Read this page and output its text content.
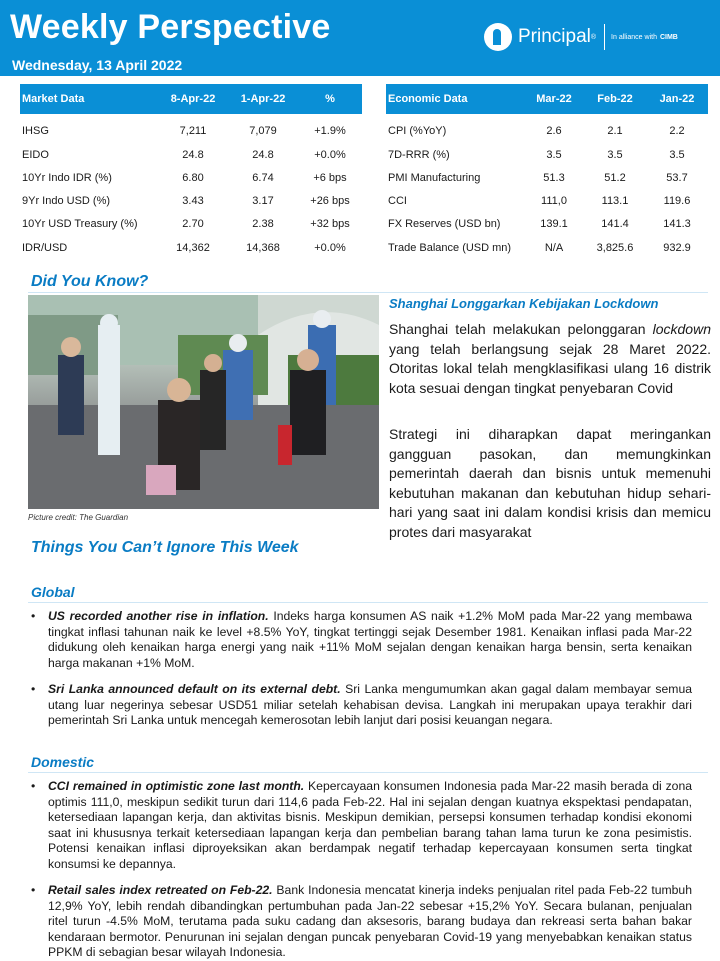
Weekly Perspective
Wednesday, 13 April 2022
Principal ® In alliance with CIMB
Market Data	8-Apr-22	1-Apr-22	%
IHSG	7,211	7,079	+1.9%
EIDO	24.8	24.8	+0.0%
10Yr Indo IDR (%)	6.80	6.74	+6 bps
9Yr Indo USD (%)	3.43	3.17	+26 bps
10Yr USD Treasury (%)	2.70	2.38	+32 bps
IDR/USD	14,362	14,368	+0.0%
Economic Data	Mar-22	Feb-22	Jan-22
CPI (%YoY)	2.6	2.1	2.2
7D-RRR (%)	3.5	3.5	3.5
PMI Manufacturing	51.3	51.2	53.7
CCI	111,0	113.1	119.6
FX Reserves (USD bn)	139.1	141.4	141.3
Trade Balance (USD mn)	N/A	3,825.6	932.9
Did You Know?
Picture credit: The Guardian
Shanghai Longgarkan Kebijakan Lockdown
Shanghai telah melakukan pelonggaran lockdown yang telah berlangsung sejak 28 Maret 2022. Otoritas lokal telah mengklasifikasi ulang 16 distrik kota sesuai dengan tingkat penyebaran Covid
Strategi ini diharapkan dapat meringankan gangguan pasokan, dan memungkinkan pemerintah daerah dan bisnis untuk memenuhi kebutuhan makanan dan kebutuhan hidup sehari-hari yang saat ini dalam kondisi krisis dan memicu protes dari masyarakat
Things You Can’t Ignore This Week
Global
• US recorded another rise in inflation. Indeks harga konsumen AS naik +1.2% MoM pada Mar-22 yang membawa tingkat inflasi tahunan naik ke level +8.5% YoY, tingkat tertinggi sejak Desember 1981. Kenaikan inflasi pada Mar-22 didukung oleh kenaikan harga energi yang naik +11% MoM sejalan dengan kenaikan harga bensin, serta kenaikan harga makanan +1% MoM.
• Sri Lanka announced default on its external debt. Sri Lanka mengumumkan akan gagal dalam membayar semua utang luar negerinya sebesar USD51 miliar setelah kehabisan devisa. Langkah ini merupakan upaya terakhir dari pemerintah Sri Lanka untuk mencegah kemerosotan lebih lanjut dari posisi keuangan negara.
Domestic
• CCI remained in optimistic zone last month. Kepercayaan konsumen Indonesia pada Mar-22 masih berada di zona optimis 111,0, meskipun sedikit turun dari 114,6 pada Feb-22. Hal ini sejalan dengan kuatnya ekspektasi pendapatan, ketersediaan lapangan kerja, dan aktivitas bisnis. Meskipun demikian, persepsi konsumen terhadap kondisi ekonomi saat ini khususnya terkait ketersediaan lapangan kerja dan pembelian barang tahan lama turun ke zona pesimistis. Potensi kenaikan inflasi diproyeksikan akan berdampak negatif terhadap kepercayaan konsumen serta tingkat konsumsi ke depannya.
• Retail sales index retreated on Feb-22. Bank Indonesia mencatat kinerja indeks penjualan ritel pada Feb-22 tumbuh 12,9% YoY, lebih rendah dibandingkan pertumbuhan pada Jan-22 sebesar +15,2% YoY. Secara bulanan, penjualan ritel turun -4.5% MoM, terutama pada suku cadang dan aksesoris, barang budaya dan rekreasi serta bahan bakar kendaraan bermotor. Penurunan ini sejalan dengan puncak penyebaran Covid-19 yang menyebabkan kenaikan status PPKM di sebagian besar wilayah Indonesia.
